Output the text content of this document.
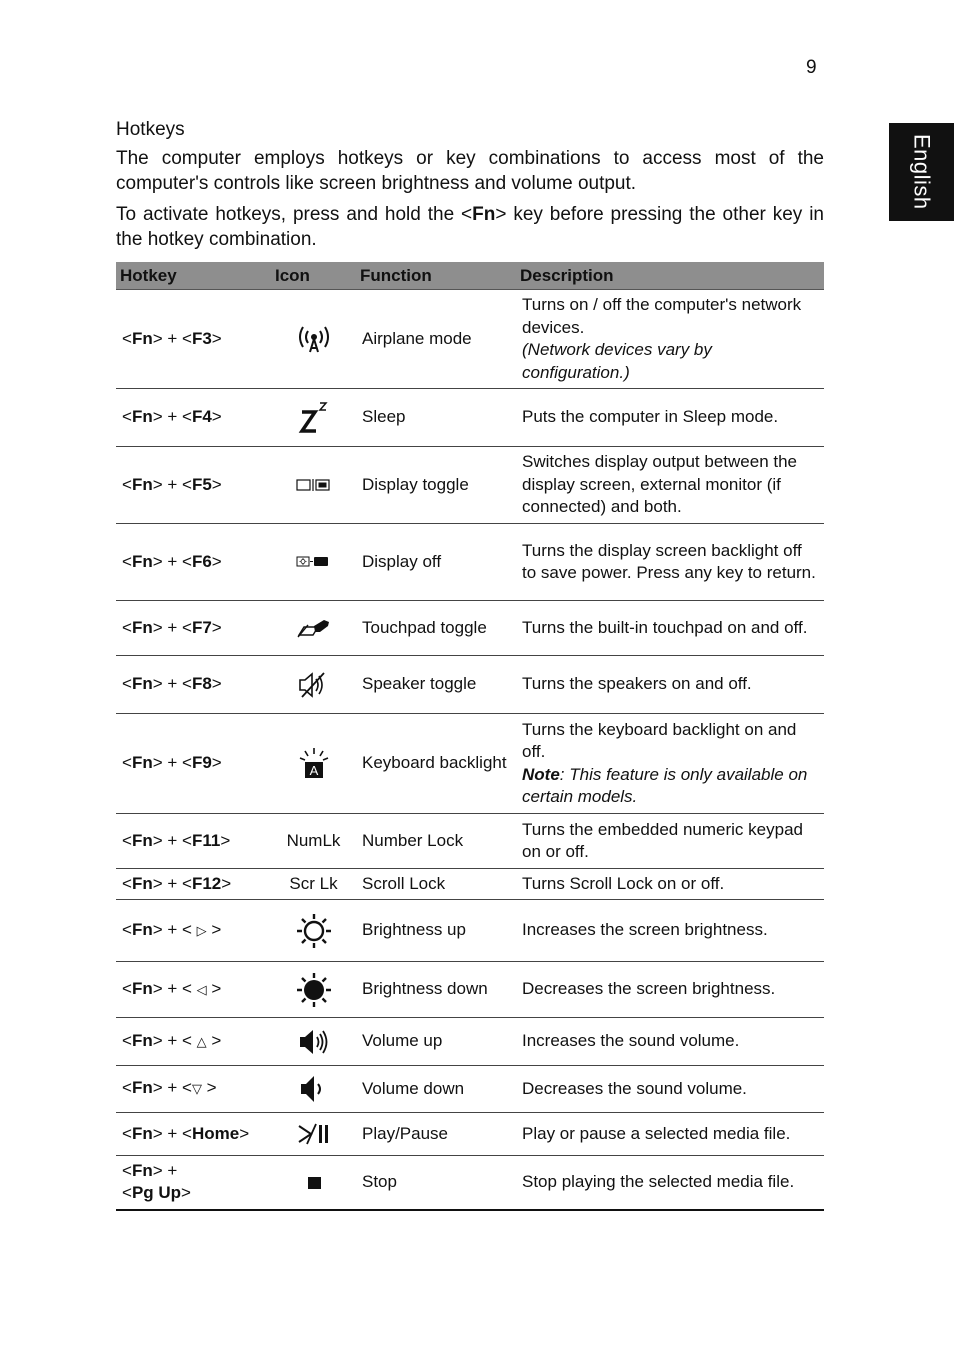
9
English
Hotkeys

The computer employs hotkeys or key combinations to access most of the computer's controls like screen brightness and volume output.

To activate hotkeys, press and hold the <Fn> key before pressing the other key in the hotkey combination.

Hotkey	Icon	Function	Description
<Fn> + <F3>		Airplane mode	Turns on / off the computer's network devices.
(Network devices vary by configuration.)
<Fn> + <F4>		Sleep	Puts the computer in Sleep mode.
<Fn> + <F5>		Display toggle	Switches display output between the display screen, external monitor (if connected) and both.
<Fn> + <F6>		Display off	Turns the display screen backlight off to save power. Press any key to return.
<Fn> + <F7>		Touchpad toggle	Turns the built-in touchpad on and off.
<Fn> + <F8>		Speaker toggle	Turns the speakers on and off.
<Fn> + <F9>	A	Keyboard backlight	Turns the keyboard backlight on and off.
Note: This feature is only available on certain models.
<Fn> + <F11>	NumLk	Number Lock	Turns the embedded numeric keypad on or off.
<Fn> + <F12>	Scr Lk	Scroll Lock	Turns Scroll Lock on or off.
<Fn> + < ▷ >		Brightness up	Increases the screen brightness.
<Fn> + < ◁ >		Brightness down	Decreases the screen brightness.
<Fn> + < △ >		Volume up	Increases the sound volume.
<Fn> + <▽ >		Volume down	Decreases the sound volume.
<Fn> + <Home>		Play/Pause	Play or pause a selected media file.
<Fn> +
<Pg Up>		Stop	Stop playing the selected media file.
